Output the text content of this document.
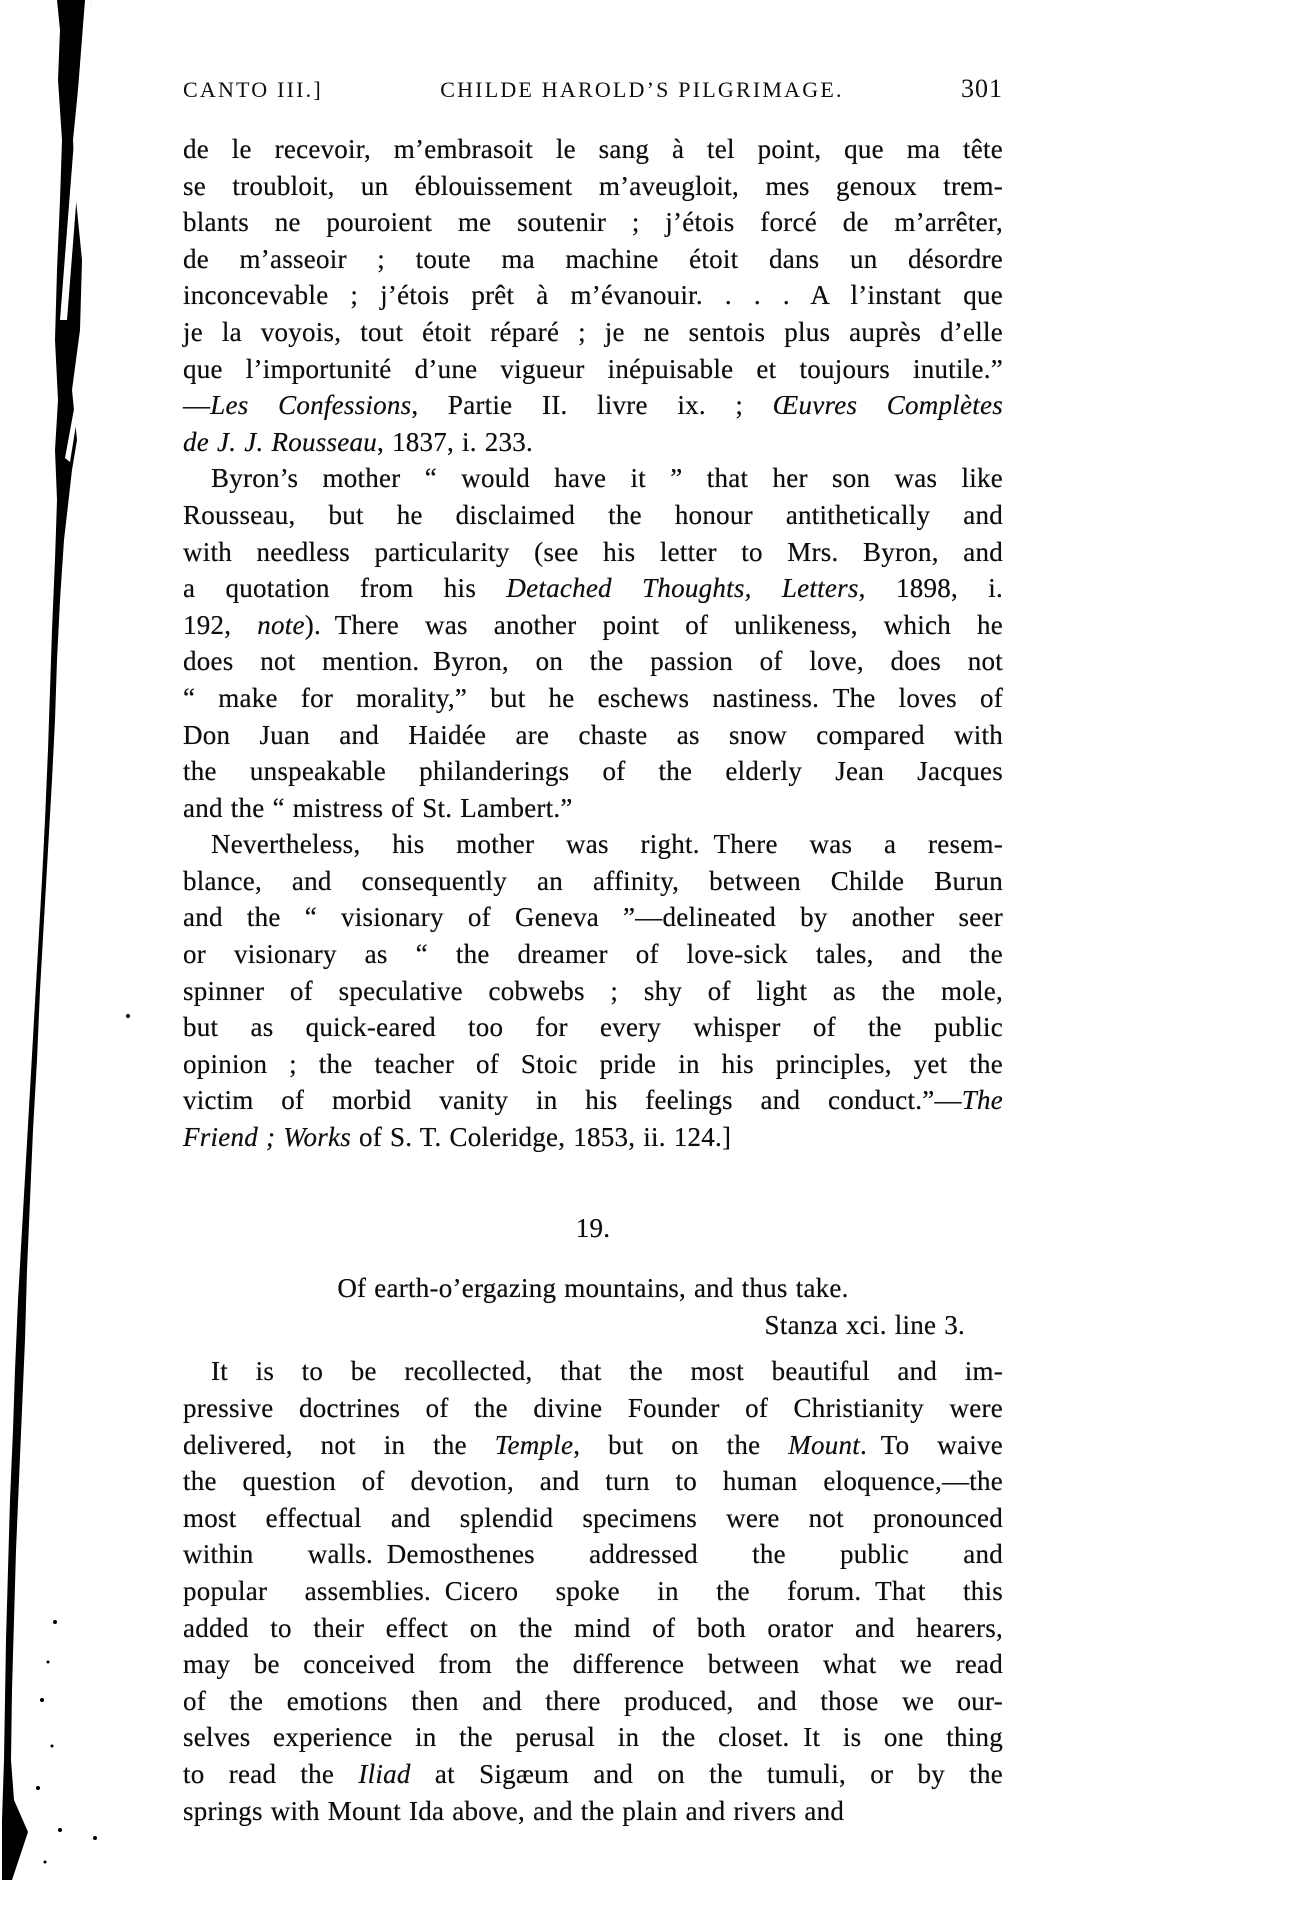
CANTO III.]	CHILDE HAROLD’S PILGRIMAGE.	301
de le recevoir, m’embrasoit le sang à tel point, que ma tête
se troubloit, un éblouissement m’aveugloit, mes genoux trem-
blants ne pouroient me soutenir ; j’étois forcé de m’arrêter,
de m’asseoir ; toute ma machine étoit dans un désordre
inconcevable ; j’étois prêt à m’évanouir. . . . A l’instant que
je la voyois, tout étoit réparé ; je ne sentois plus auprès d’elle
que l’importunité d’une vigueur inépuisable et toujours inutile.”
—Les Confessions, Partie II. livre ix. ; Œuvres Complètes
de J. J. Rousseau, 1837, i. 233.
Byron’s mother “ would have it ” that her son was like
Rousseau, but he disclaimed the honour antithetically and
with needless particularity (see his letter to Mrs. Byron, and
a quotation from his Detached Thoughts, Letters, 1898, i.
192, note). There was another point of unlikeness, which he
does not mention. Byron, on the passion of love, does not
“ make for morality,” but he eschews nastiness. The loves of
Don Juan and Haidée are chaste as snow compared with
the unspeakable philanderings of the elderly Jean Jacques
and the “ mistress of St. Lambert.”
Nevertheless, his mother was right. There was a resem-
blance, and consequently an affinity, between Childe Burun
and the “ visionary of Geneva ”—delineated by another seer
or visionary as “ the dreamer of love-sick tales, and the
spinner of speculative cobwebs ; shy of light as the mole,
but as quick-eared too for every whisper of the public
opinion ; the teacher of Stoic pride in his principles, yet the
victim of morbid vanity in his feelings and conduct.”—The
Friend ; Works of S. T. Coleridge, 1853, ii. 124.]
19.
Of earth-o’ergazing mountains, and thus take.
Stanza xci. line 3.
It is to be recollected, that the most beautiful and im-
pressive doctrines of the divine Founder of Christianity were
delivered, not in the Temple, but on the Mount. To waive
the question of devotion, and turn to human eloquence,—the
most effectual and splendid specimens were not pronounced
within walls. Demosthenes addressed the public and
popular assemblies. Cicero spoke in the forum. That this
added to their effect on the mind of both orator and hearers,
may be conceived from the difference between what we read
of the emotions then and there produced, and those we our-
selves experience in the perusal in the closet. It is one thing
to read the Iliad at Sigæum and on the tumuli, or by the
springs with Mount Ida above, and the plain and rivers and
